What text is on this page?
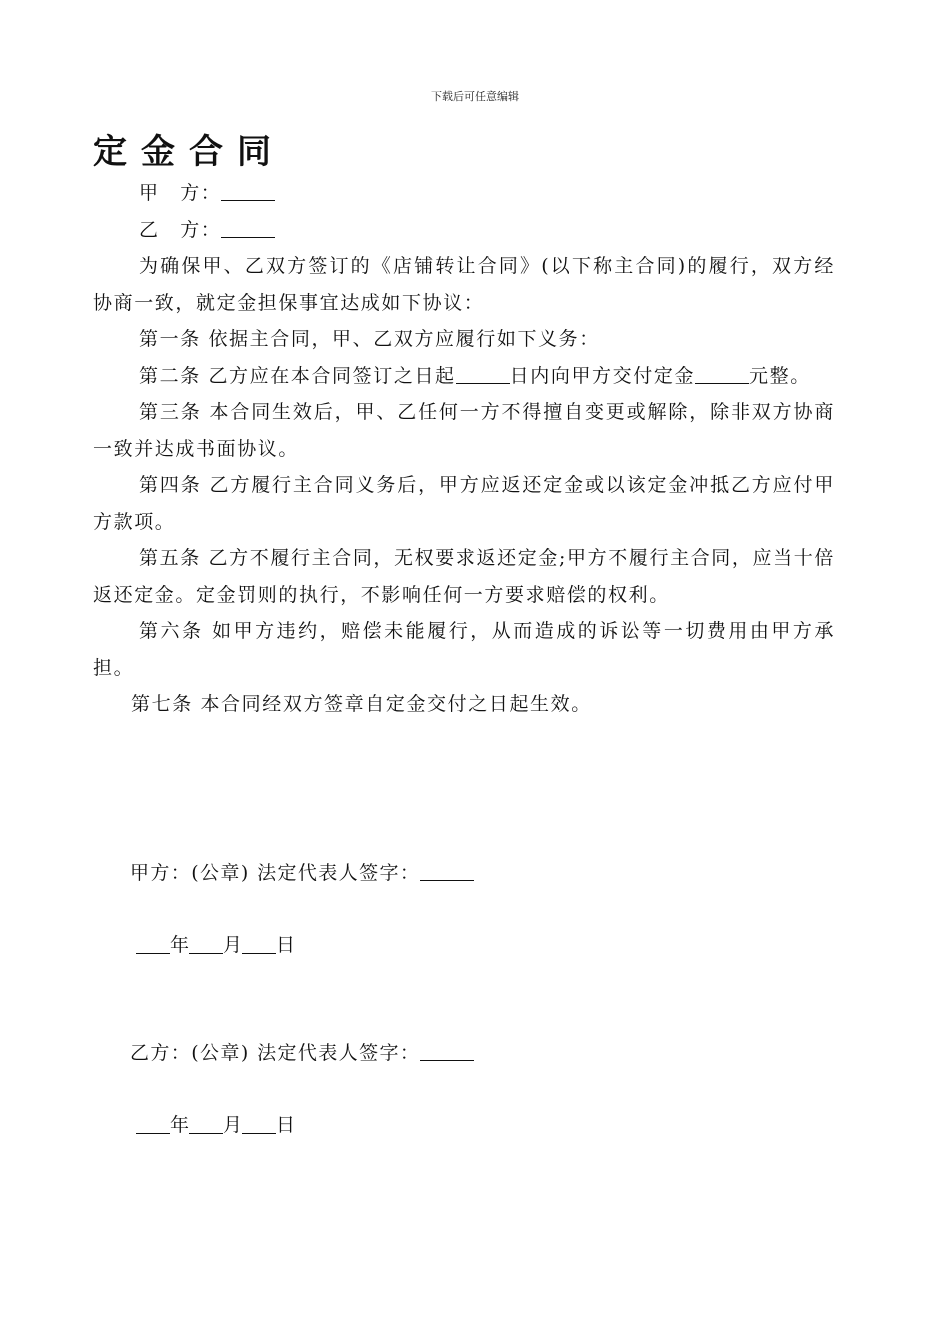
下载后可任意编辑
定金合同

甲　方：

乙　方：

为确保甲、乙双方签订的《店铺转让合同》(以下称主合同)的履行，双方经协商一致，就定金担保事宜达成如下协议：

第一条 依据主合同，甲、乙双方应履行如下义务：

第二条 乙方应在本合同签订之日起	日内向甲方交付定金	元整。

第三条 本合同生效后，甲、乙任何一方不得擅自变更或解除，除非双方协商一致并达成书面协议。

第四条 乙方履行主合同义务后，甲方应返还定金或以该定金冲抵乙方应付甲方款项。

第五条 乙方不履行主合同，无权要求返还定金;甲方不履行主合同，应当十倍返还定金。定金罚则的执行，不影响任何一方要求赔偿的权利。

第六条 如甲方违约，赔偿未能履行，从而造成的诉讼等一切费用由甲方承担。

第七条 本合同经双方签章自定金交付之日起生效。

甲方：(公章) 法定代表人签字：
年 月 日
乙方：(公章) 法定代表人签字：
年 月 日
